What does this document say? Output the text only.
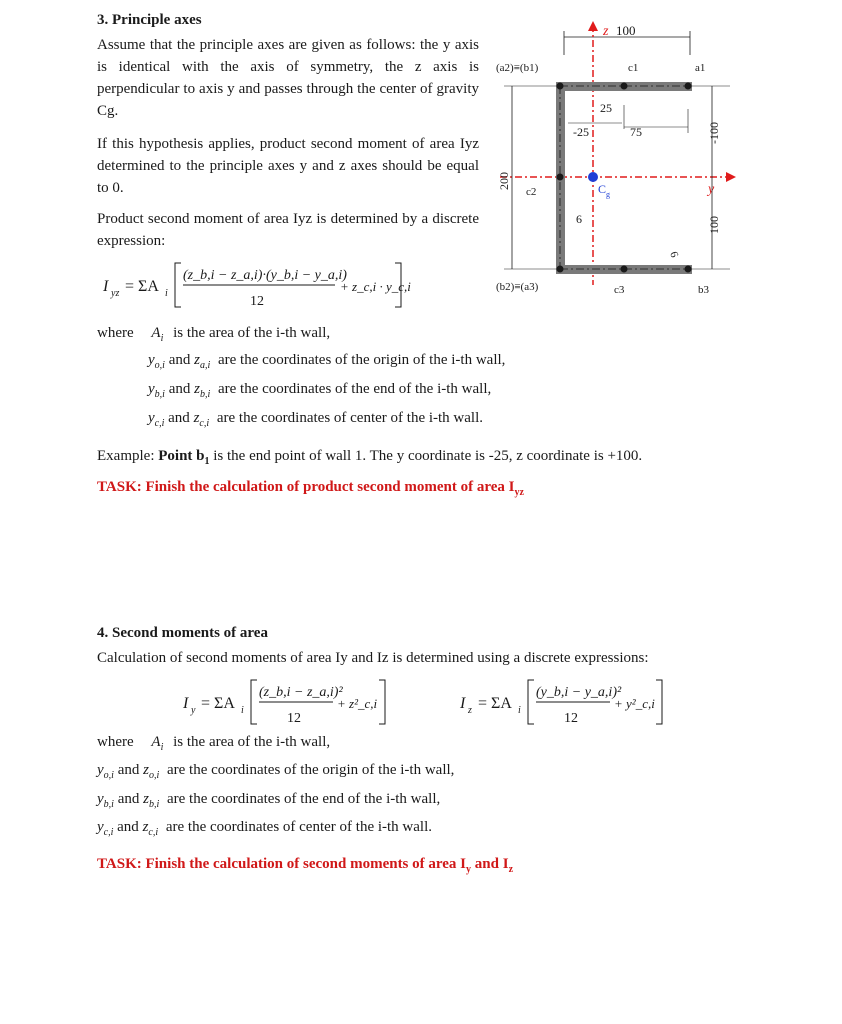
3. Principle axes
Assume that the principle axes are given as follows: the y axis is identical with the axis of symmetry, the z axis is perpendicular to axis y and passes through the center of gravity Cg.
If this hypothesis applies, product second moment of area Iyz determined to the principle axes y and z axes should be equal to 0.
Product second moment of area Iyz is determined by a discrete expression:
I yz = ΣA i
(z_b,i − z_a,i)·(y_b,i − y_a,i)
12
+ z_c,i · y_c,i
where $A_i$ is the area of the i-th wall,
$y_{o,i}$ and $z_{a,i}$ are the coordinates of the origin of the i-th wall,
$y_{b,i}$ and $z_{b,i}$ are the coordinates of the end of the i-th wall,
$y_{c,i}$ and $z_{c,i}$ are the coordinates of center of the i-th wall.
Example: Point $b_1$ is the end point of wall 1. The y coordinate is -25, z coordinate is +100.
TASK: Finish the calculation of product second moment of area $I_{yz}$
100
z
y
C g
200
-100
100
25
-25	75
6
6
(a2)≡(b1)	c1	a1
c2
(b2)≡(a3)	c3	b3
4. Second moments of area
Calculation of second moments of area Iy and Iz is determined using a discrete expressions:
I y = ΣA i
(z_b,i − z_a,i)²
12
+ z²_c,i	I z = ΣA i
(y_b,i − y_a,i)²
12
+ y²_c,i
where $A_i$ is the area of the i-th wall,
$y_{o,i}$ and $z_{o,i}$ are the coordinates of the origin of the i-th wall,
$y_{b,i}$ and $z_{b,i}$ are the coordinates of the end of the i-th wall,
$y_{c,i}$ and $z_{c,i}$ are the coordinates of center of the i-th wall.
TASK: Finish the calculation of second moments of area $I_y$ and $I_z$
